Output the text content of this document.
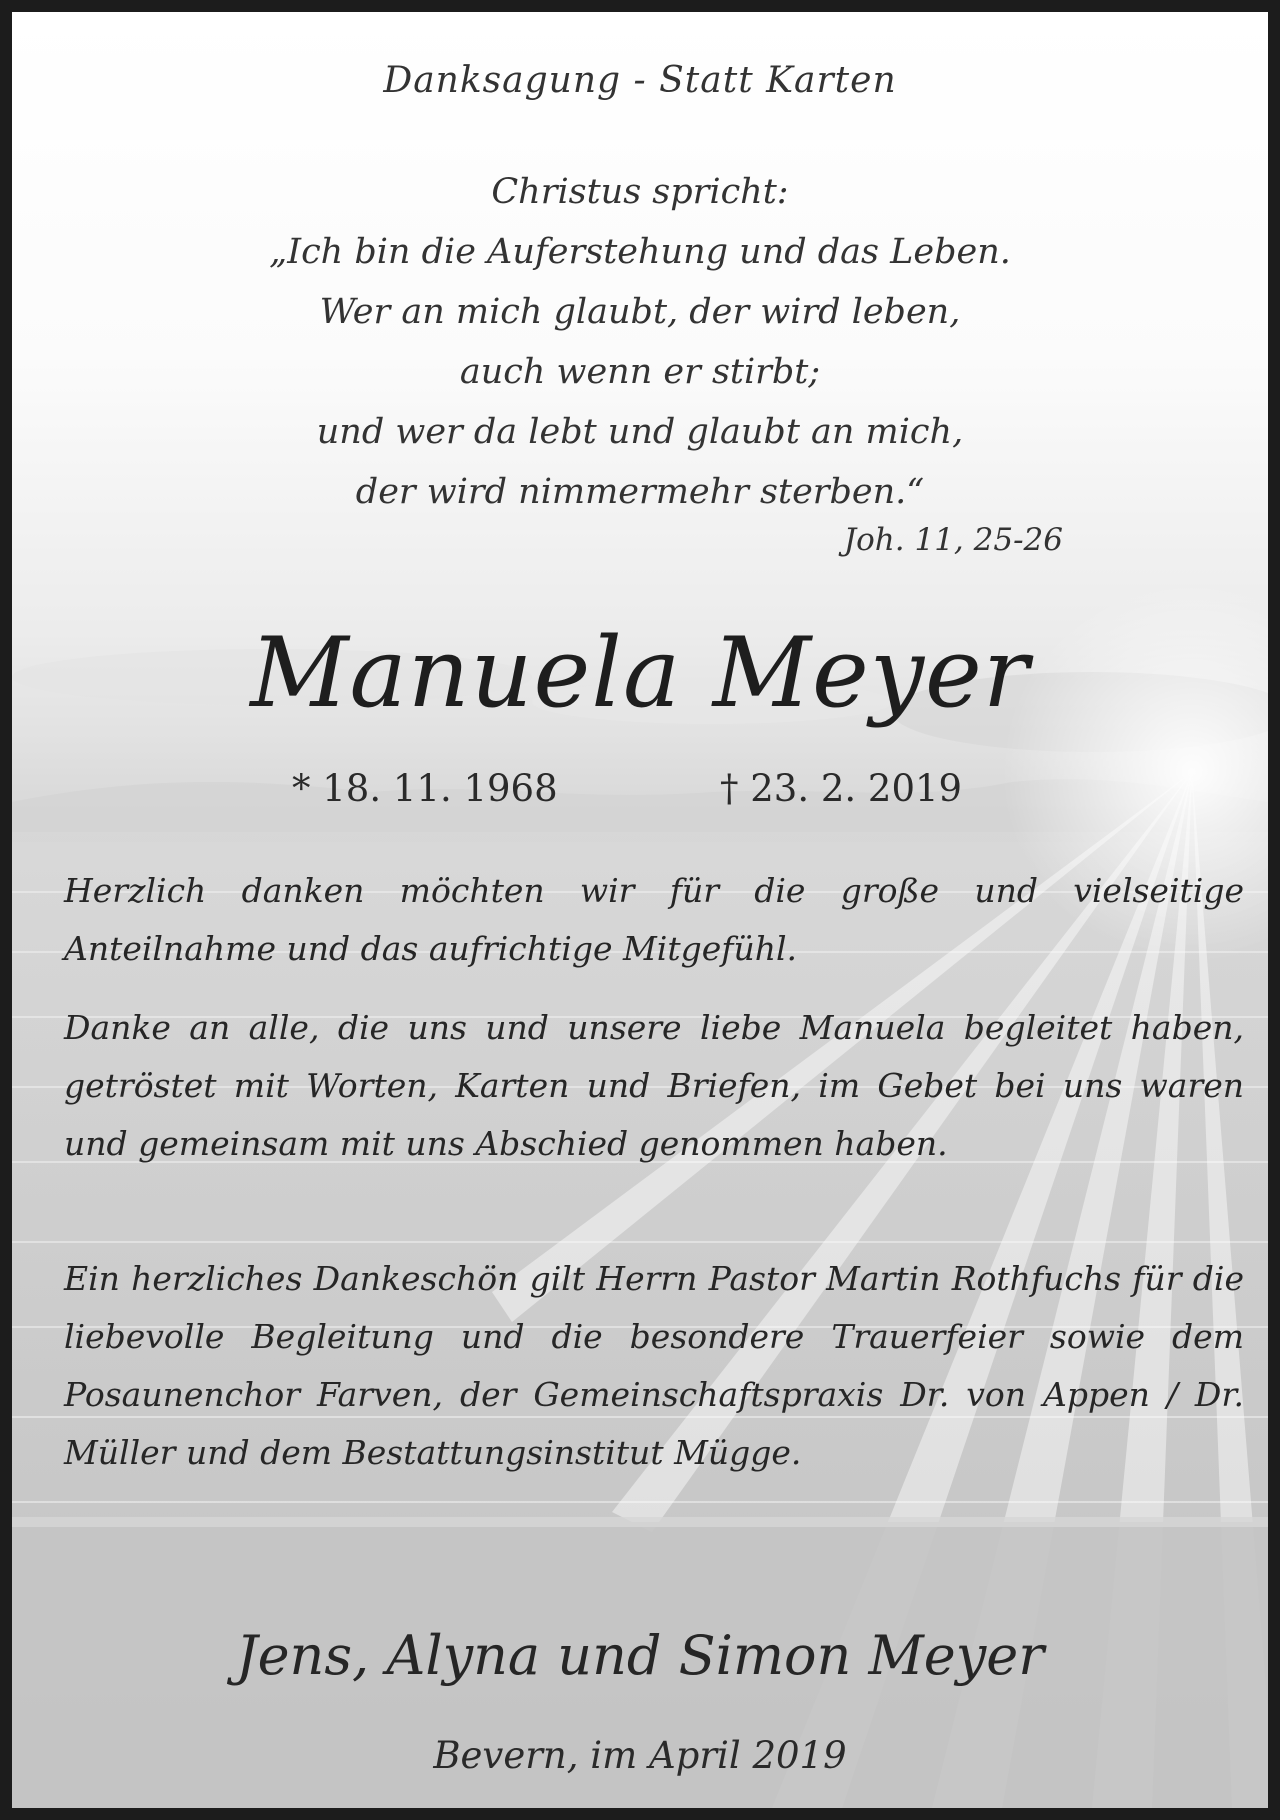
Danksagung - Statt Karten
Christus spricht:
„Ich bin die Auferstehung und das Leben.
Wer an mich glaubt, der wird leben,
auch wenn er stirbt;
und wer da lebt und glaubt an mich,
der wird nimmermehr sterben.“
Joh. 11, 25-26
Manuela Meyer
* 18. 11. 1968	† 23. 2. 2019
Herzlich danken möchten wir für die große und vielseitige Anteilnahme und das aufrichtige Mitgefühl.
Danke an alle, die uns und unsere liebe Manuela begleitet haben, getröstet mit Worten, Karten und Briefen, im Gebet bei uns waren und gemeinsam mit uns Abschied genommen haben.
Ein herzliches Dankeschön gilt Herrn Pastor Martin Rothfuchs für die liebevolle Begleitung und die besondere Trauerfeier sowie dem Posaunenchor Farven, der Gemeinschaftspraxis Dr. von Appen / Dr. Müller und dem Bestattungsinstitut Mügge.
Jens, Alyna und Simon Meyer
Bevern, im April 2019
